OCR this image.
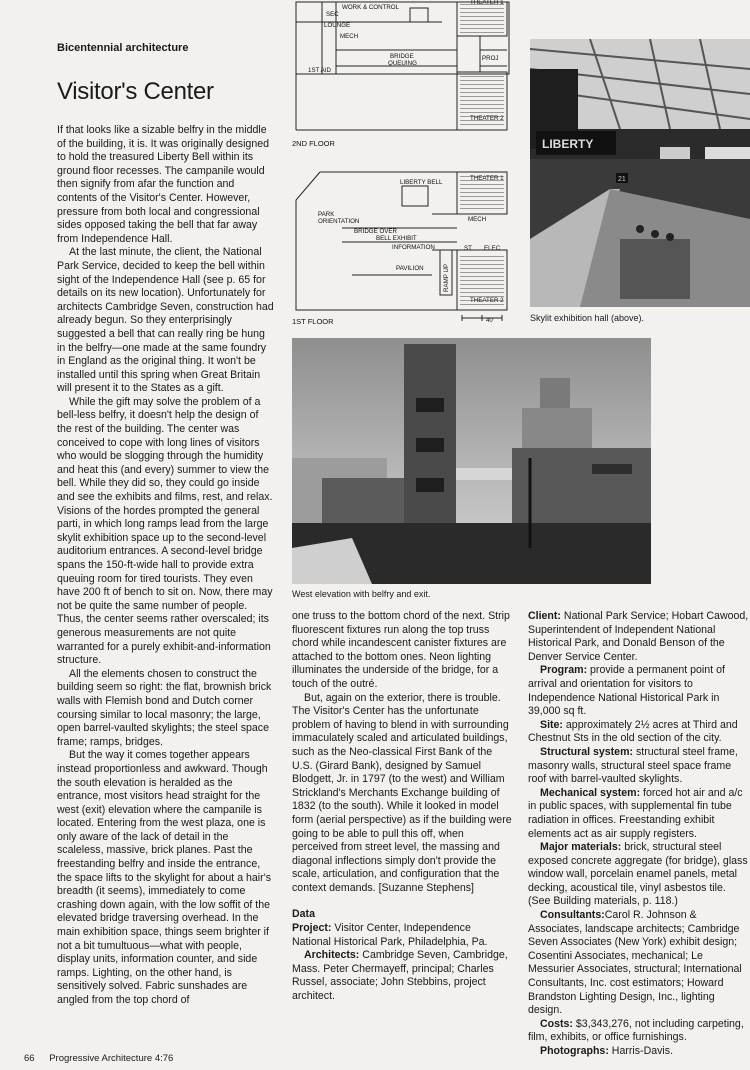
Bicentennial architecture
Visitor's Center
WORK & CONTROL
SEC
LOUNGE
MECH
BRIDGE
QUEUING
1ST AID
PROJ
THEATER 1
THEATER 2
LIBERTY BELL
THEATER 1
PARK
ORIENTATION
BRIDGE OVER
BELL EXHIBIT
INFORMATION
MECH
ST ELEC
PAVILION	RAMP UP
THEATER 2
2ND FLOOR
1ST FLOOR	40'
LIBERTY
21
Skylit exhibition hall (above).
West elevation with belfry and exit.

If that looks like a sizable belfry in the middle of the building, it is. It was originally designed to hold the treasured Liberty Bell within its ground floor recesses. The campanile would then signify from afar the function and contents of the Visitor's Center. However, pressure from both local and congressional sides opposed taking the bell that far away from Independence Hall.

At the last minute, the client, the National Park Service, decided to keep the bell within sight of the Independence Hall (see p. 65 for details on its new location). Unfortunately for architects Cambridge Seven, construction had already begun. So they enterprisingly suggested a bell that can really ring be hung in the belfry—one made at the same foundry in England as the original thing. It won't be installed until this spring when Great Britain will present it to the States as a gift.

While the gift may solve the problem of a bell-less belfry, it doesn't help the design of the rest of the building. The center was conceived to cope with long lines of visitors who would be slogging through the humidity and heat this (and every) summer to view the bell. While they did so, they could go inside and see the exhibits and films, rest, and relax. Visions of the hordes prompted the general parti, in which long ramps lead from the large skylit exhibition space up to the second-level auditorium entrances. A second-level bridge spans the 150-ft-wide hall to provide extra queuing room for tired tourists. They even have 200 ft of bench to sit on. Now, there may not be quite the same number of people. Thus, the center seems rather overscaled; its generous measurements are not quite warranted for a purely exhibit-and-information structure.

All the elements chosen to construct the building seem so right: the flat, brownish brick walls with Flemish bond and Dutch corner coursing similar to local masonry; the large, open barrel-vaulted skylights; the steel space frame; ramps, bridges.

But the way it comes together appears instead proportionless and awkward. Though the south elevation is heralded as the entrance, most visitors head straight for the west (exit) elevation where the campanile is located. Entering from the west plaza, one is only aware of the lack of detail in the scaleless, massive, brick planes. Past the freestanding belfry and inside the entrance, the space lifts to the skylight for about a hair's breadth (it seems), immediately to come crashing down again, with the low soffit of the elevated bridge traversing overhead. In the main exhibition space, things seem brighter if not a bit tumultuous—what with people, display units, information counter, and side ramps. Lighting, on the other hand, is sensitively solved. Fabric sunshades are angled from the top chord of

one truss to the bottom chord of the next. Strip fluorescent fixtures run along the top truss chord while incandescent canister fixtures are attached to the bottom ones. Neon lighting illuminates the underside of the bridge, for a touch of the outré.

But, again on the exterior, there is trouble. The Visitor's Center has the unfortunate problem of having to blend in with surrounding immaculately scaled and articulated buildings, such as the Neo-classical First Bank of the U.S. (Girard Bank), designed by Samuel Blodgett, Jr. in 1797 (to the west) and William Strickland's Merchants Exchange building of 1832 (to the south). While it looked in model form (aerial perspective) as if the building were going to be able to pull this off, when perceived from street level, the massing and diagonal inflections simply don't provide the scale, articulation, and configuration that the context demands. [Suzanne Stephens]

Data

Project: Visitor Center, Independence National Historical Park, Philadelphia, Pa.

Architects: Cambridge Seven, Cambridge, Mass. Peter Chermayeff, principal; Charles Russel, associate; John Stebbins, project architect.

Client: National Park Service; Hobart Cawood, Superintendent of Independent National Historical Park, and Donald Benson of the Denver Service Center.

Program: provide a permanent point of arrival and orientation for visitors to Independence National Historical Park in 39,000 sq ft.

Site: approximately 2½ acres at Third and Chestnut Sts in the old section of the city.

Structural system: structural steel frame, masonry walls, structural steel space frame roof with barrel-vaulted skylights.

Mechanical system: forced hot air and a/c in public spaces, with supplemental fin tube radiation in offices. Freestanding exhibit elements act as air supply registers.

Major materials: brick, structural steel exposed concrete aggregate (for bridge), glass window wall, porcelain enamel panels, metal decking, acoustical tile, vinyl asbestos tile. (See Building materials, p. 118.)

Consultants:Carol R. Johnson & Associates, landscape architects; Cambridge Seven Associates (New York) exhibit design; Cosentini Associates, mechanical; Le Messurier Associates, structural; International Consultants, Inc. cost estimators; Howard Brandston Lighting Design, Inc., lighting design.

Costs: $3,343,276, not including carpeting, film, exhibits, or office furnishings.

Photographs: Harris-Davis.

66 Progressive Architecture 4:76
